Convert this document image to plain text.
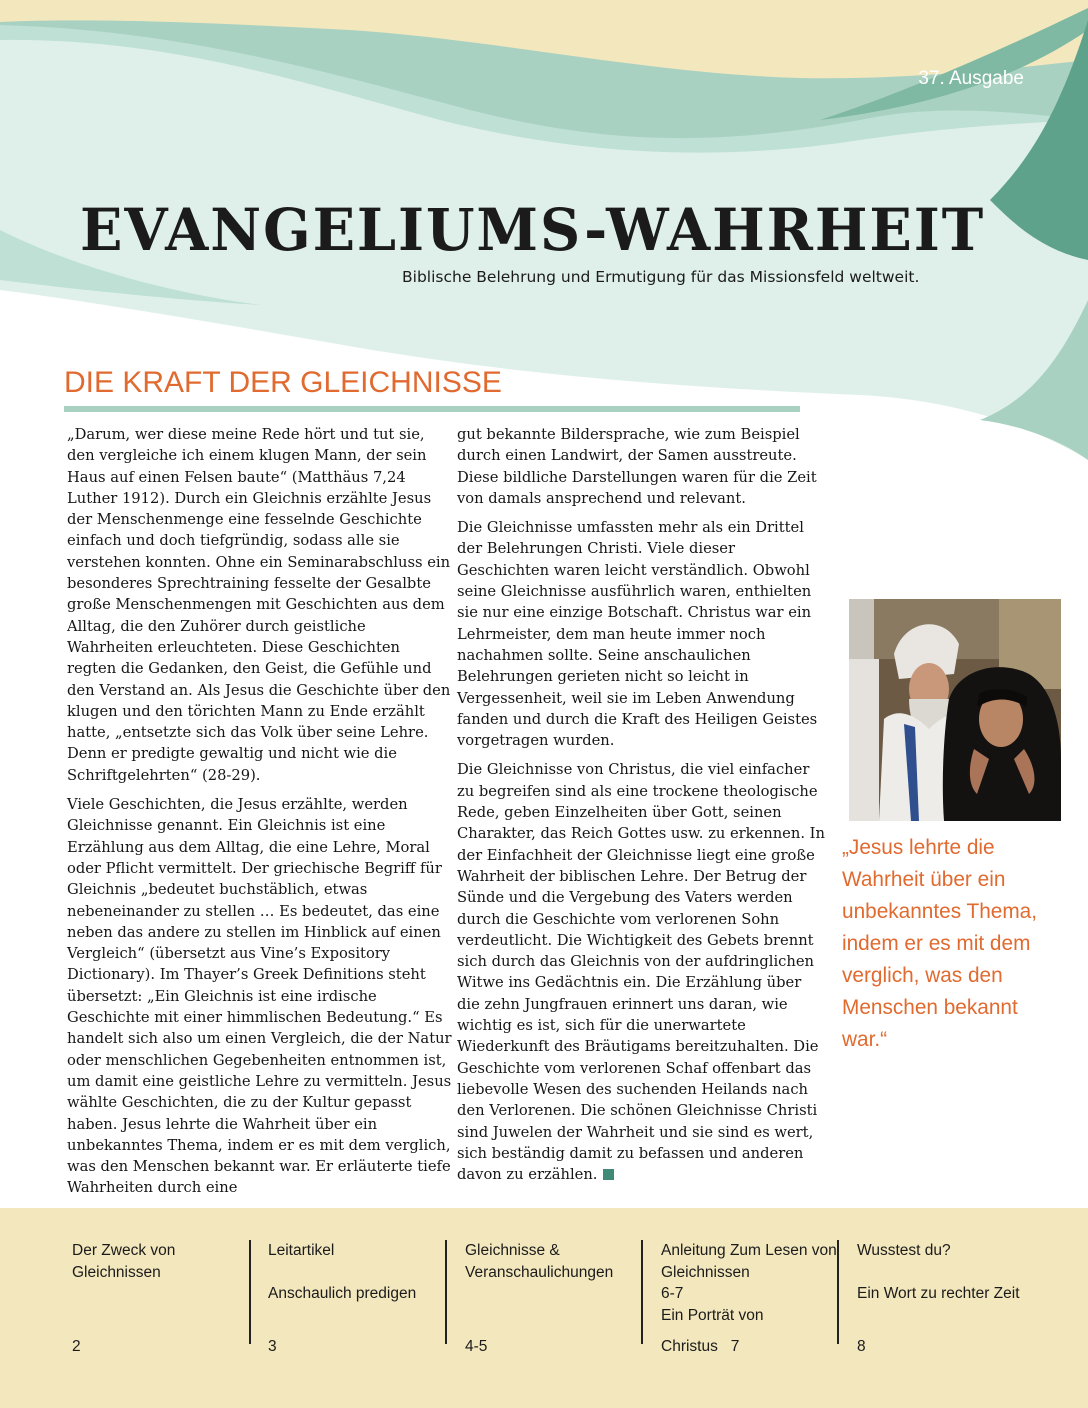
37. Ausgabe
EVANGELIUMS-WAHRHEIT
Biblische Belehrung und Ermutigung für das Missionsfeld weltweit.
DIE KRAFT DER GLEICHNISSE

„Darum, wer diese meine Rede hört und tut sie, den vergleiche ich einem klugen Mann, der sein Haus auf einen Felsen baute“ (Matthäus 7,24 Luther 1912). Durch ein Gleichnis erzählte Jesus der Menschenmenge eine fesselnde Geschichte einfach und doch tiefgründig, sodass alle sie verstehen konnten. Ohne ein Seminarabschluss ein besonderes Sprechtraining fesselte der Gesalbte große Menschenmengen mit Geschichten aus dem Alltag, die den Zuhörer durch geistliche Wahrheiten erleuchteten. Diese Geschichten regten die Gedanken, den Geist, die Gefühle und den Verstand an. Als Jesus die Geschichte über den klugen und den törichten Mann zu Ende erzählt hatte, „entsetzte sich das Volk über seine Lehre. Denn er predigte gewaltig und nicht wie die Schriftgelehrten“ (28-29).

Viele Geschichten, die Jesus erzählte, werden Gleichnisse genannt. Ein Gleichnis ist eine Erzählung aus dem Alltag, die eine Lehre, Moral oder Pflicht vermittelt. Der griechische Begriff für Gleichnis „bedeutet buchstäblich, etwas nebeneinander zu stellen … Es bedeutet, das eine neben das andere zu stellen im Hinblick auf einen Vergleich“ (übersetzt aus Vine’s Expository Dictionary). Im Thayer’s Greek Definitions steht übersetzt: „Ein Gleichnis ist eine irdische Geschichte mit einer himmlischen Bedeutung.“ Es handelt sich also um einen Vergleich, die der Natur oder menschlichen Gegebenheiten entnommen ist, um damit eine geistliche Lehre zu vermitteln. Jesus wählte Geschichten, die zu der Kultur gepasst haben. Jesus lehrte die Wahrheit über ein unbekanntes Thema, indem er es mit dem verglich, was den Menschen bekannt war. Er erläuterte tiefe Wahrheiten durch eine

gut bekannte Bildersprache, wie zum Beispiel durch einen Landwirt, der Samen ausstreute. Diese bildliche Darstellungen waren für die Zeit von damals ansprechend und relevant.

Die Gleichnisse umfassten mehr als ein Drittel der Belehrungen Christi. Viele dieser Geschichten waren leicht verständlich. Obwohl seine Gleichnisse ausführlich waren, enthielten sie nur eine einzige Botschaft. Christus war ein Lehrmeister, dem man heute immer noch nachahmen sollte. Seine anschaulichen Belehrungen gerieten nicht so leicht in Vergessenheit, weil sie im Leben Anwendung fanden und durch die Kraft des Heiligen Geistes vorgetragen wurden.

Die Gleichnisse von Christus, die viel einfacher zu begreifen sind als eine trockene theologische Rede, geben Einzelheiten über Gott, seinen Charakter, das Reich Gottes usw. zu erkennen. In der Einfachheit der Gleichnisse liegt eine große Wahrheit der biblischen Lehre. Der Betrug der Sünde und die Vergebung des Vaters werden durch die Geschichte vom verlorenen Sohn verdeutlicht. Die Wichtigkeit des Gebets brennt sich durch das Gleichnis von der aufdringlichen Witwe ins Gedächtnis ein. Die Erzählung über die zehn Jungfrauen erinnert uns daran, wie wichtig es ist, sich für die unerwartete Wiederkunft des Bräutigams bereitzuhalten. Die Geschichte vom verlorenen Schaf offenbart das liebevolle Wesen des suchenden Heilands nach den Verlorenen. Die schönen Gleichnisse Christi sind Juwelen der Wahrheit und sie sind es wert, sich beständig damit zu befassen und anderen davon zu erzählen.

„Jesus lehrte die Wahrheit über ein unbekanntes Thema, indem er es mit dem verglich, was den Menschen bekannt war.“
Der Zweck von Gleichnissen
2
Leitartikel
Anschaulich predigen
3
Gleichnisse & Veranschaulichungen
4-5
Anleitung Zum Lesen von Gleichnissen
6-7
Ein Porträt von
Christus   7
Wusstest du?
Ein Wort zu rechter Zeit
8
